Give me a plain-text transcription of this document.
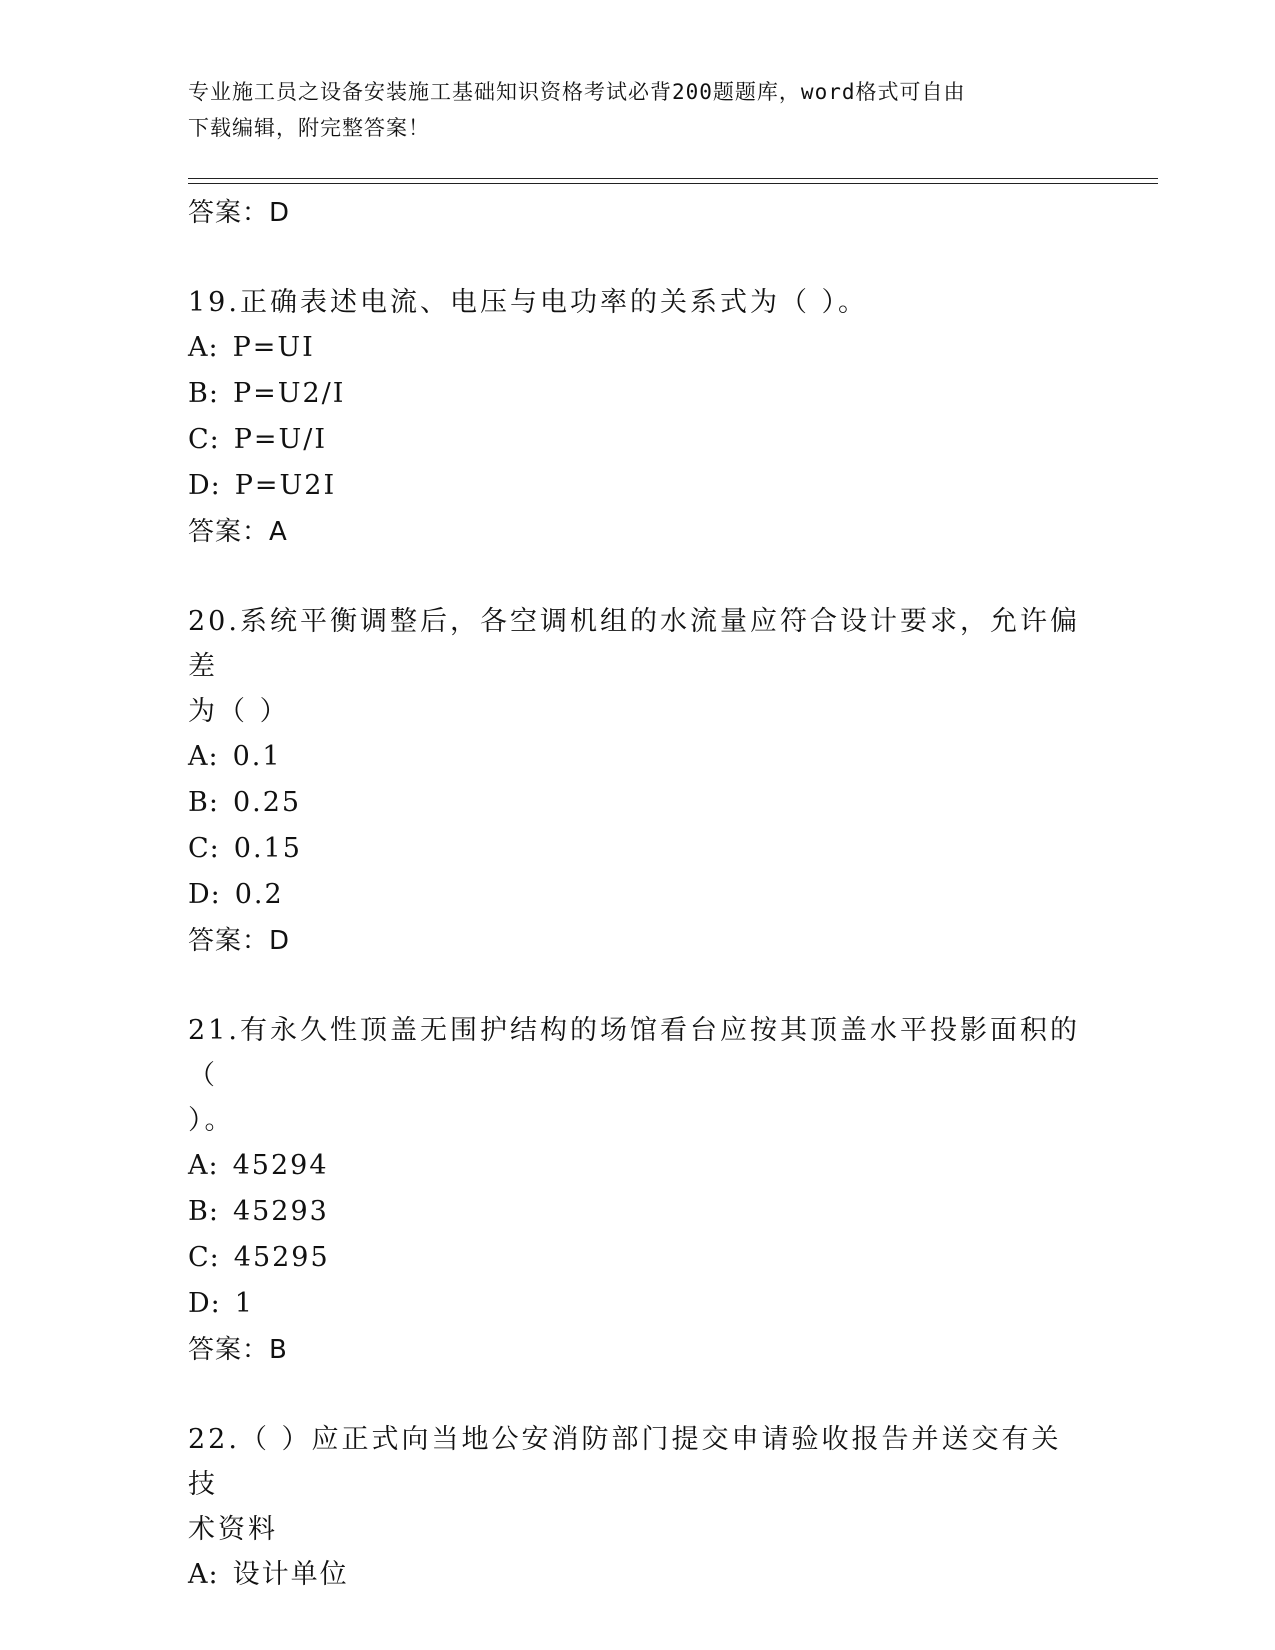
专业施工员之设备安装施工基础知识资格考试必背200题题库，word格式可自由
下载编辑，附完整答案！
答案：D
19.正确表述电流、电压与电功率的关系式为（ ）。
A: P=UI
B: P=U2/I
C: P=U/I
D: P=U2I
答案：A
20.系统平衡调整后，各空调机组的水流量应符合设计要求，允许偏差
为（ ）
A: 0.1
B: 0.25
C: 0.15
D: 0.2
答案：D
21.有永久性顶盖无围护结构的场馆看台应按其顶盖水平投影面积的（
）。
A: 45294
B: 45293
C: 45295
D: 1
答案：B
22.（ ）应正式向当地公安消防部门提交申请验收报告并送交有关技
术资料
A: 设计单位
